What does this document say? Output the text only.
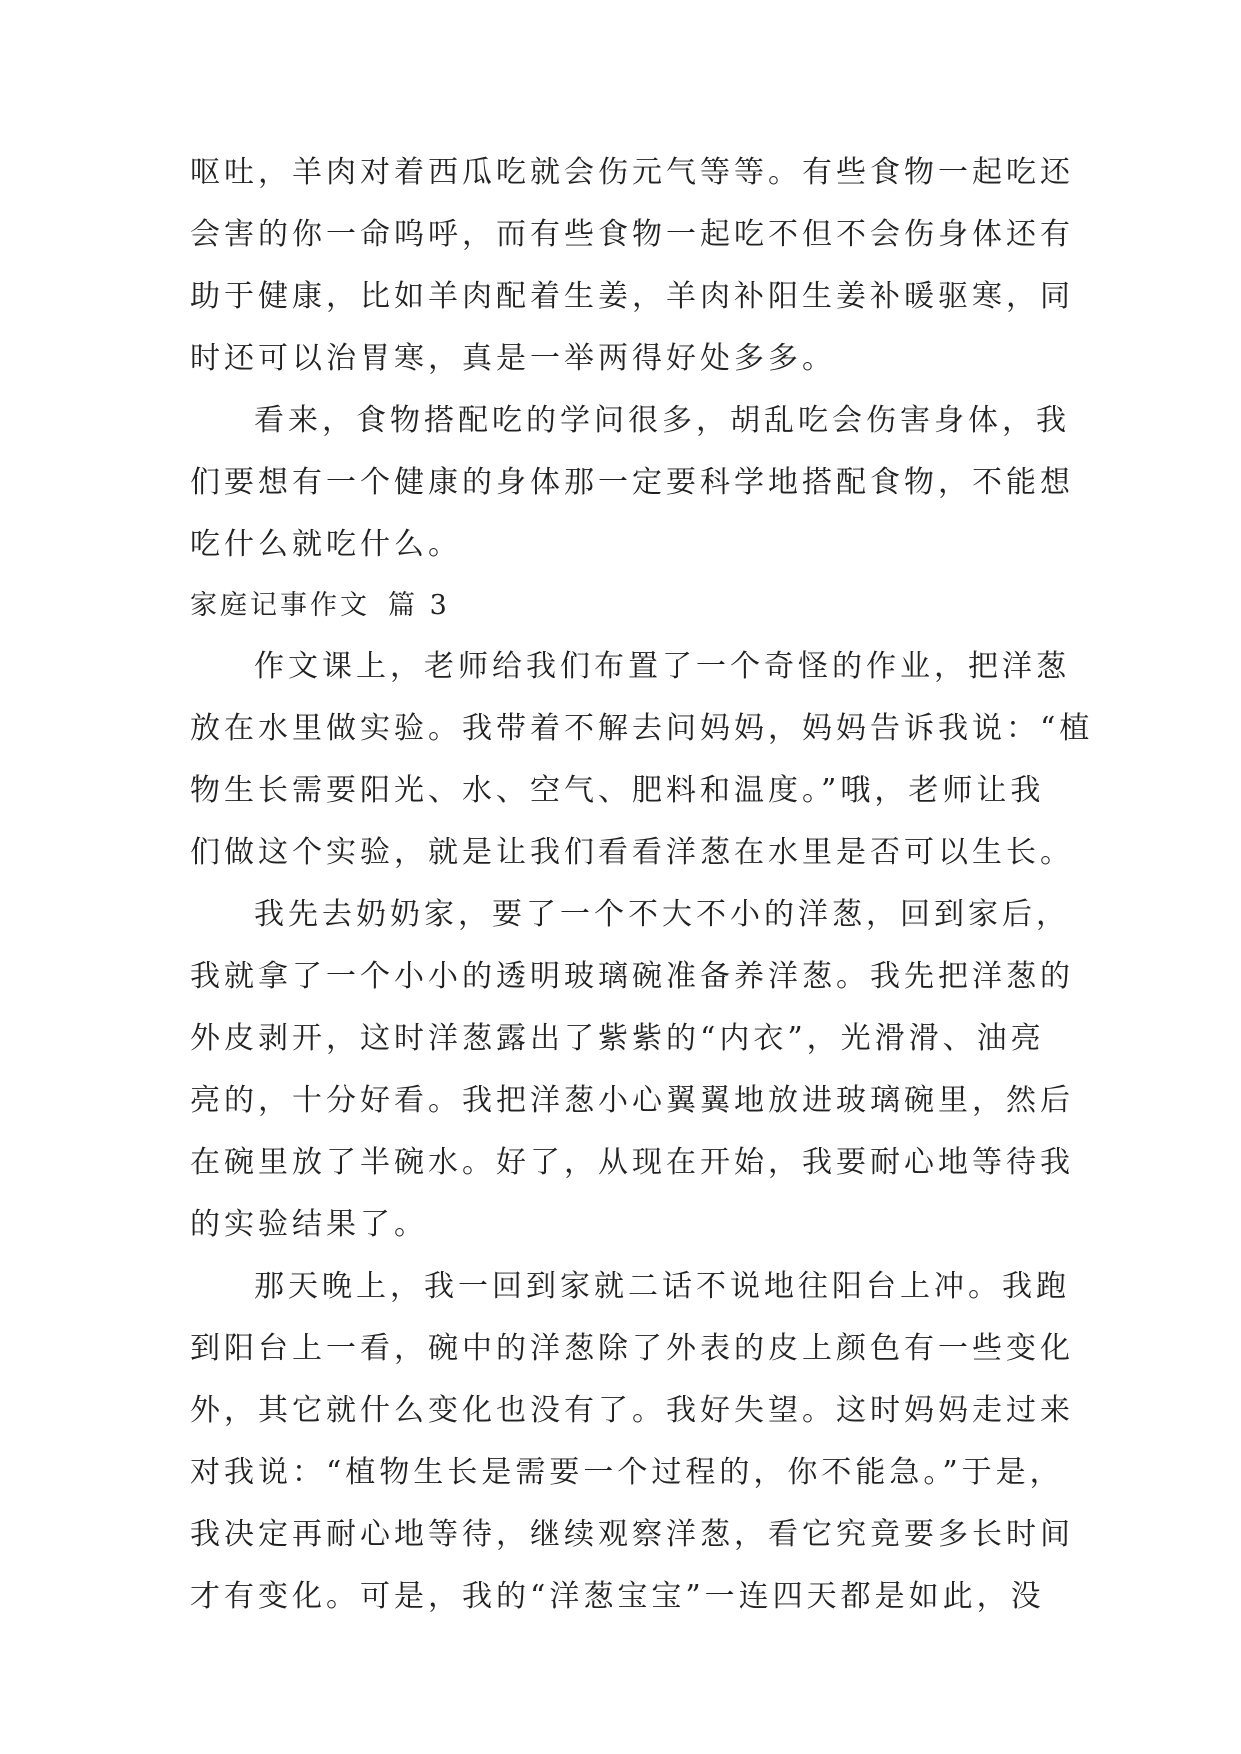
呕吐，羊肉对着西瓜吃就会伤元气等等。有些食物一起吃还
会害的你一命呜呼，而有些食物一起吃不但不会伤身体还有
助于健康，比如羊肉配着生姜，羊肉补阳生姜补暖驱寒，同
时还可以治胃寒，真是一举两得好处多多。
看来，食物搭配吃的学问很多，胡乱吃会伤害身体，我
们要想有一个健康的身体那一定要科学地搭配食物，不能想
吃什么就吃什么。
家庭记事作文 篇 3
作文课上，老师给我们布置了一个奇怪的作业，把洋葱
放在水里做实验。我带着不解去问妈妈，妈妈告诉我说：“植
物生长需要阳光、水、空气、肥料和温度。”哦，老师让我
们做这个实验，就是让我们看看洋葱在水里是否可以生长。
我先去奶奶家，要了一个不大不小的洋葱，回到家后，
我就拿了一个小小的透明玻璃碗准备养洋葱。我先把洋葱的
外皮剥开，这时洋葱露出了紫紫的“内衣”，光滑滑、油亮
亮的，十分好看。我把洋葱小心翼翼地放进玻璃碗里，然后
在碗里放了半碗水。好了，从现在开始，我要耐心地等待我
的实验结果了。
那天晚上，我一回到家就二话不说地往阳台上冲。我跑
到阳台上一看，碗中的洋葱除了外表的皮上颜色有一些变化
外，其它就什么变化也没有了。我好失望。这时妈妈走过来
对我说：“植物生长是需要一个过程的，你不能急。”于是，
我决定再耐心地等待，继续观察洋葱，看它究竟要多长时间
才有变化。可是，我的“洋葱宝宝”一连四天都是如此，没
